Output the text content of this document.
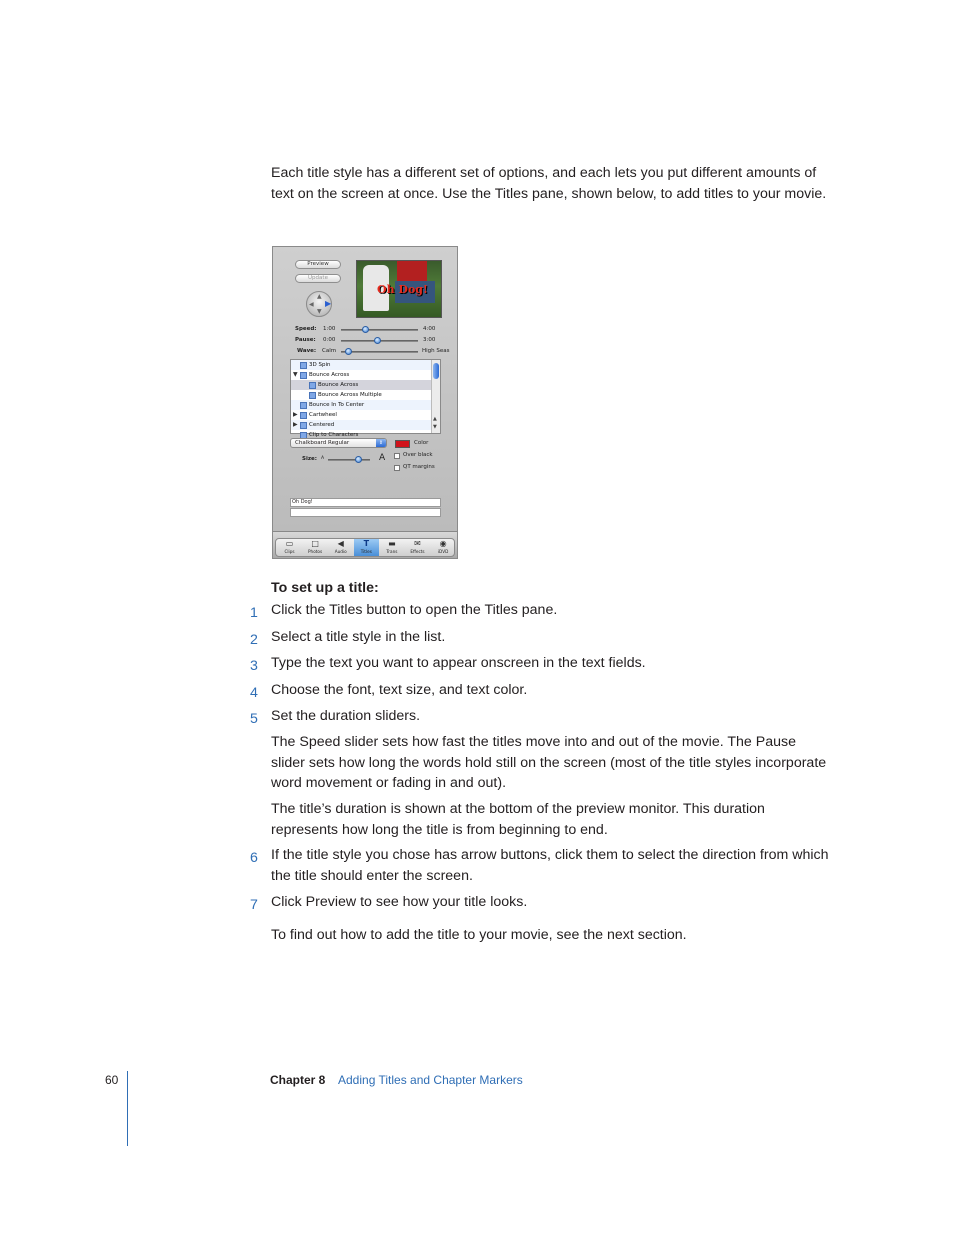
Each title style has a different set of options, and each lets you put different amounts of text on the screen at once. Use the Titles pane, shown below, to add titles to your movie.

Preview
Update
▲
▼
◀ ▶
Oh Dog!
Speed: 1:00	4:00
Pause: 0:00	3:00
Wave: Calm	High Seas
3D Spin
▼ Bounce Across
Bounce Across
Bounce Across Multiple
Bounce In To Center
▶ Cartwheel
▶ Centered
Clip to Characters
▲
▼
Chalkboard Regular	⇕	Color
Size: A	A	Over black
QT margins
Oh Dog!
▭
Clips
□
Photos
◀
Audio
T
Titles
▬
Trans
✉
Effects
◉
iDVD
To set up a title:
1 Click the Titles button to open the Titles pane.
2 Select a title style in the list.
3 Type the text you want to appear onscreen in the text fields.
4 Choose the font, text size, and text color.
5 Set the duration sliders.

The Speed slider sets how fast the titles move into and out of the movie. The Pause slider sets how long the words hold still on the screen (most of the title styles incorporate word movement or fading in and out).

The title’s duration is shown at the bottom of the preview monitor. This duration represents how long the title is from beginning to end.

6 If the title style you chose has arrow buttons, click them to select the direction from which the title should enter the screen.
7 Click Preview to see how your title looks.

To find out how to add the title to your movie, see the next section.

60	Chapter 8 Adding Titles and Chapter Markers
